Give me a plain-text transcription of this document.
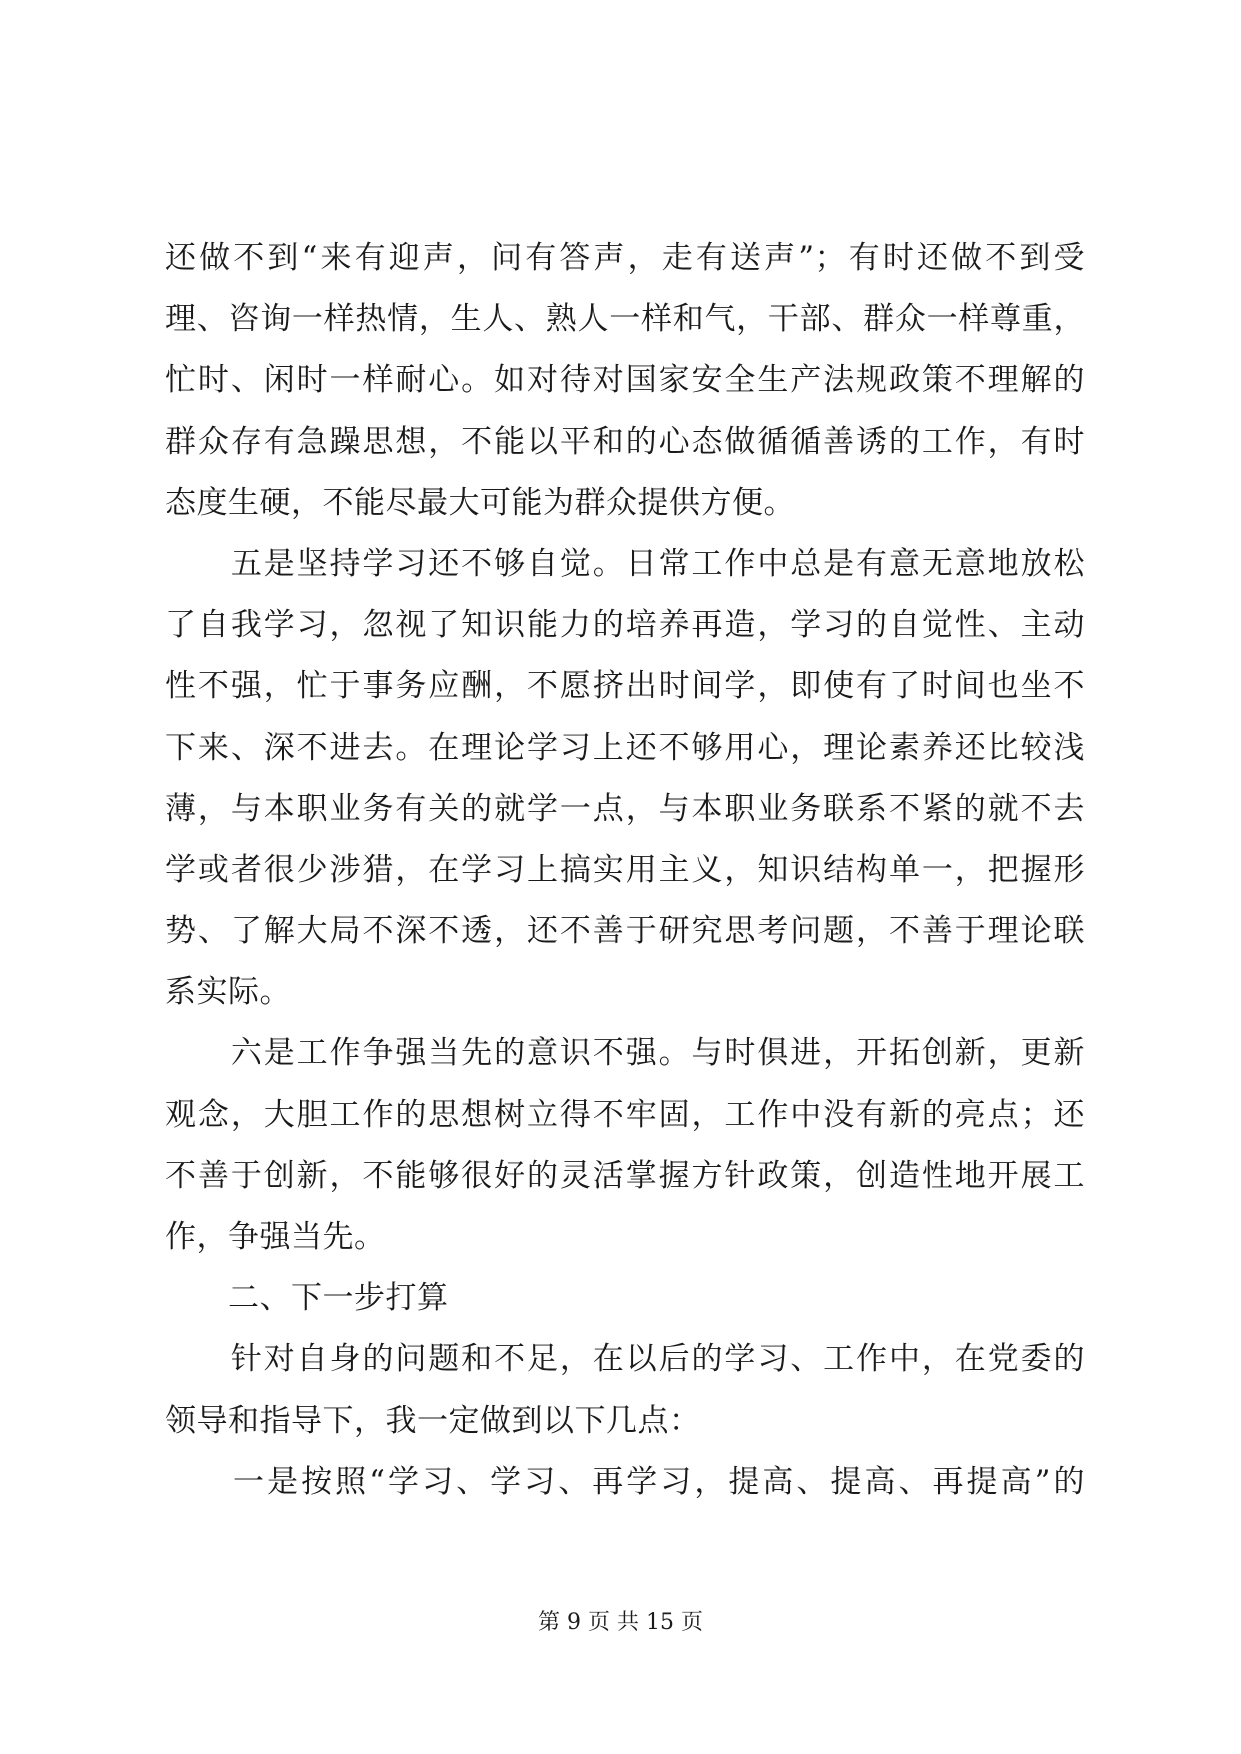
还做不到“来有迎声，问有答声，走有送声”；有时还做不到受
理、咨询一样热情，生人、熟人一样和气，干部、群众一样尊重，
忙时、闲时一样耐心。如对待对国家安全生产法规政策不理解的
群众存有急躁思想，不能以平和的心态做循循善诱的工作，有时
态度生硬，不能尽最大可能为群众提供方便。
　　五是坚持学习还不够自觉。日常工作中总是有意无意地放松
了自我学习，忽视了知识能力的培养再造，学习的自觉性、主动
性不强，忙于事务应酬，不愿挤出时间学，即使有了时间也坐不
下来、深不进去。在理论学习上还不够用心，理论素养还比较浅
薄，与本职业务有关的就学一点，与本职业务联系不紧的就不去
学或者很少涉猎，在学习上搞实用主义，知识结构单一，把握形
势、了解大局不深不透，还不善于研究思考问题，不善于理论联
系实际。
　　六是工作争强当先的意识不强。与时俱进，开拓创新，更新
观念，大胆工作的思想树立得不牢固，工作中没有新的亮点；还
不善于创新，不能够很好的灵活掌握方针政策，创造性地开展工
作，争强当先。
　　二、下一步打算
　　针对自身的问题和不足，在以后的学习、工作中，在党委的
领导和指导下，我一定做到以下几点：
　　一是按照“学习、学习、再学习，提高、提高、再提高”的
第 9 页 共 15 页
